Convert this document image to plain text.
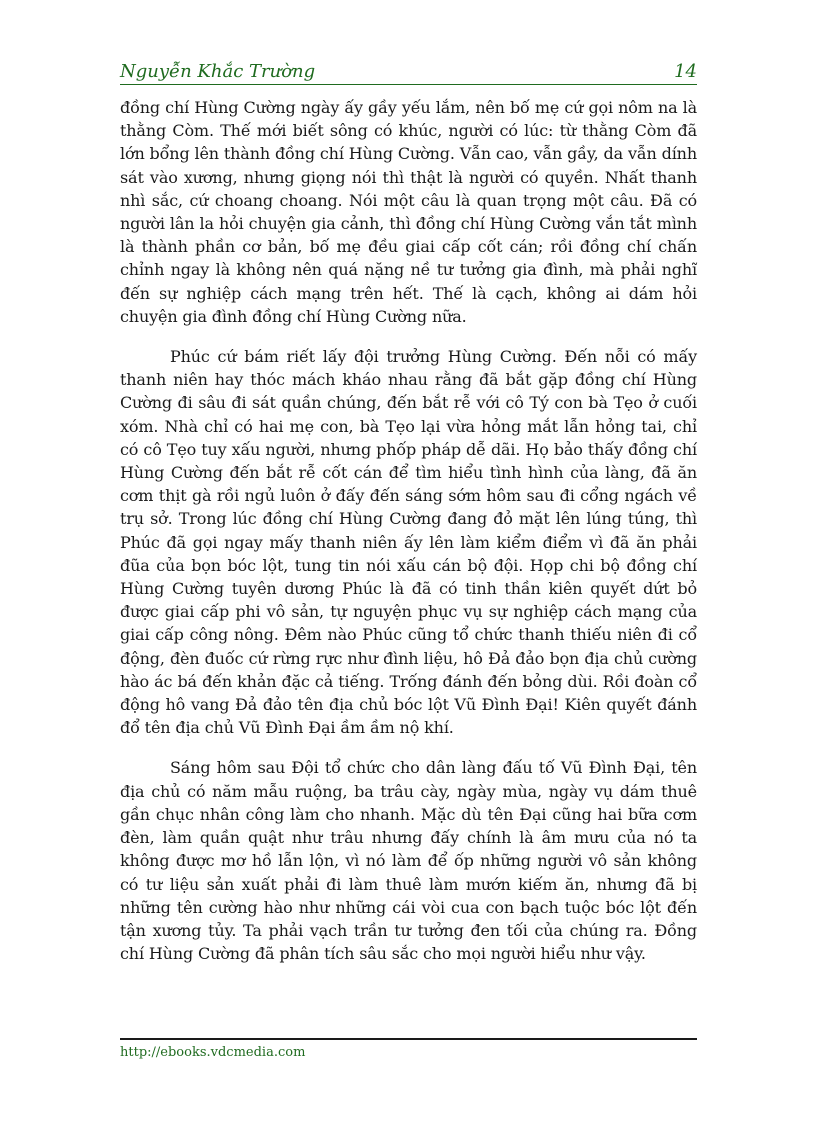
Nguyễn Khắc Trường	14

đồng chí Hùng Cường ngày ấy gầy yếu lắm, nên bố mẹ cứ gọi nôm na là thằng Còm. Thế mới biết sông có khúc, người có lúc: từ thằng Còm đã lớn bổng lên thành đồng chí Hùng Cường. Vẫn cao, vẫn gầy, da vẫn dính sát vào xương, nhưng giọng nói thì thật là người có quyền. Nhất thanh nhì sắc, cứ choang choang. Nói một câu là quan trọng một câu. Đã có người lân la hỏi chuyện gia cảnh, thì đồng chí Hùng Cường vắn tắt mình là thành phần cơ bản, bố mẹ đều giai cấp cốt cán; rồi đồng chí chấn chỉnh ngay là không nên quá nặng nề tư tưởng gia đình, mà phải nghĩ đến sự nghiệp cách mạng trên hết. Thế là cạch, không ai dám hỏi chuyện gia đình đồng chí Hùng Cường nữa.

Phúc cứ bám riết lấy đội trưởng Hùng Cường. Đến nỗi có mấy thanh niên hay thóc mách kháo nhau rằng đã bắt gặp đồng chí Hùng Cường đi sâu đi sát quần chúng, đến bắt rễ với cô Tý con bà Tẹo ở cuối xóm. Nhà chỉ có hai mẹ con, bà Tẹo lại vừa hỏng mắt lẫn hỏng tai, chỉ có cô Tẹo tuy xấu người, nhưng phốp pháp dễ dãi. Họ bảo thấy đồng chí Hùng Cường đến bắt rễ cốt cán để tìm hiểu tình hình của làng, đã ăn cơm thịt gà rồi ngủ luôn ở đấy đến sáng sớm hôm sau đi cổng ngách về trụ sở. Trong lúc đồng chí Hùng Cường đang đỏ mặt lên lúng túng, thì Phúc đã gọi ngay mấy thanh niên ấy lên làm kiểm điểm vì đã ăn phải đũa của bọn bóc lột, tung tin nói xấu cán bộ đội. Họp chi bộ đồng chí Hùng Cường tuyên dương Phúc là đã có tinh thần kiên quyết dứt bỏ được giai cấp phi vô sản, tự nguyện phục vụ sự nghiệp cách mạng của giai cấp công nông. Đêm nào Phúc cũng tổ chức thanh thiếu niên đi cổ động, đèn đuốc cứ rừng rực như đình liệu, hô Đả đảo bọn địa chủ cường hào ác bá đến khản đặc cả tiếng. Trống đánh đến bỏng dùi. Rồi đoàn cổ động hô vang Đả đảo tên địa chủ bóc lột Vũ Đình Đại! Kiên quyết đánh đổ tên địa chủ Vũ Đình Đại ầm ầm nộ khí.

Sáng hôm sau Đội tổ chức cho dân làng đấu tố Vũ Đình Đại, tên địa chủ có năm mẫu ruộng, ba trâu cày, ngày mùa, ngày vụ dám thuê gần chục nhân công làm cho nhanh. Mặc dù tên Đại cũng hai bữa cơm đèn, làm quần quật như trâu nhưng đấy chính là âm mưu của nó ta không được mơ hồ lẫn lộn, vì nó làm để ốp những người vô sản không có tư liệu sản xuất phải đi làm thuê làm mướn kiếm ăn, nhưng đã bị những tên cường hào như những cái vòi cua con bạch tuộc bóc lột đến tận xương tủy. Ta phải vạch trần tư tưởng đen tối của chúng ra. Đồng chí Hùng Cường đã phân tích sâu sắc cho mọi người hiểu như vậy.

http://ebooks.vdcmedia.com
